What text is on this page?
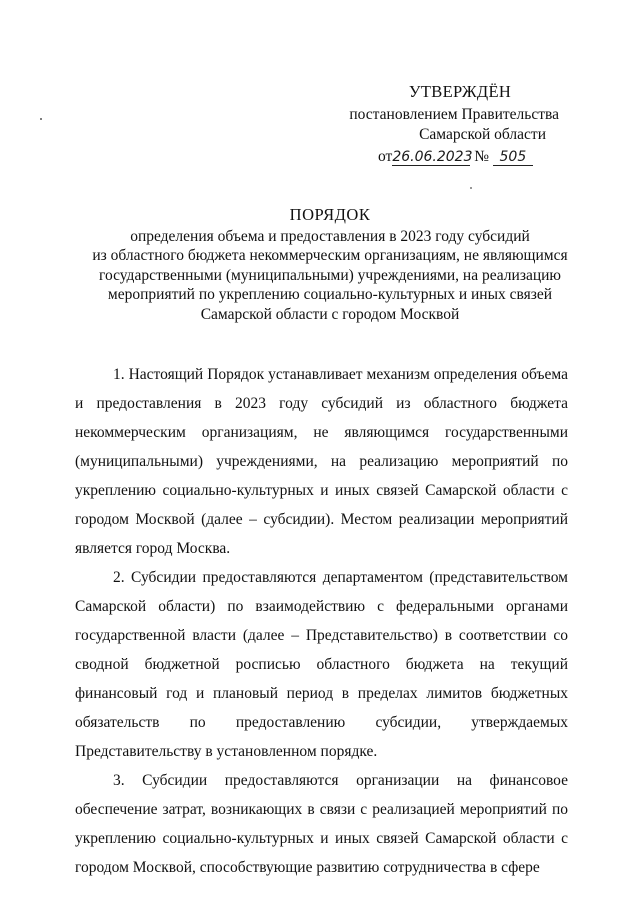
УТВЕРЖДЁН
постановлением Правительства
Самарской области
от26.06.2023 № 505
ПОРЯДОК
определения объема и предоставления в 2023 году субсидий
из областного бюджета некоммерческим организациям, не являющимся
государственными (муниципальными) учреждениями, на реализацию
мероприятий по укреплению социально-культурных и иных связей
Самарской области с городом Москвой

1. Настоящий Порядок устанавливает механизм определения объема и предоставления в 2023 году субсидий из областного бюджета некоммерческим организациям, не являющимся государственными (муниципальными) учреждениями, на реализацию мероприятий по укреплению социально-культурных и иных связей Самарской области с городом Москвой (далее – субсидии). Местом реализации мероприятий является город Москва.

2. Субсидии предоставляются департаментом (представительством Самарской области) по взаимодействию с федеральными органами государственной власти (далее – Представительство) в соответствии со сводной бюджетной росписью областного бюджета на текущий финансовый год и плановый период в пределах лимитов бюджетных обязательств по предоставлению субсидии, утверждаемых Представительству в установленном порядке.

3. Субсидии предоставляются организации на финансовое обеспечение затрат, возникающих в связи с реализацией мероприятий по укреплению социально-культурных и иных связей Самарской области с городом Москвой, способствующие развитию сотрудничества в сфере
